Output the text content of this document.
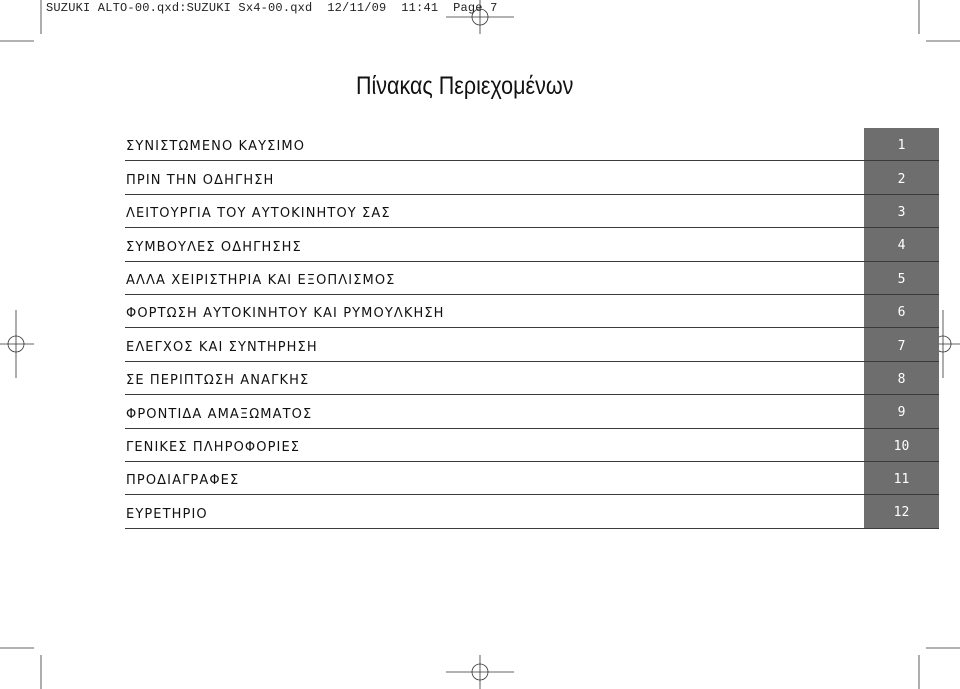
SUZUKI ALTO-00.qxd:SUZUKI Sx4-00.qxd  12/11/09  11:41  Page 7
Πίνακας Περιεχομένων
ΣΥΝΙΣΤΩΜΕΝΟ ΚΑΥΣΙΜΟ	1
ΠΡΙΝ ΤΗΝ ΟΔΗΓΗΣΗ	2
ΛΕΙΤΟΥΡΓΙΑ ΤΟΥ ΑΥΤΟΚΙΝΗΤΟΥ ΣΑΣ	3
ΣΥΜΒΟΥΛΕΣ ΟΔΗΓΗΣΗΣ	4
ΑΛΛΑ ΧΕΙΡΙΣΤΗΡΙΑ ΚΑΙ ΕΞΟΠΛΙΣΜΟΣ	5
ΦΟΡΤΩΣΗ ΑΥΤΟΚΙΝΗΤΟΥ ΚΑΙ ΡΥΜΟΥΛΚΗΣΗ	6
ΕΛΕΓΧΟΣ ΚΑΙ ΣΥΝΤΗΡΗΣΗ	7
ΣΕ ΠΕΡΙΠΤΩΣΗ ΑΝΑΓΚΗΣ	8
ΦΡΟΝΤΙΔΑ ΑΜΑΞΩΜΑΤΟΣ	9
ΓΕΝΙΚΕΣ ΠΛΗΡΟΦΟΡΙΕΣ	10
ΠΡΟΔΙΑΓΡΑΦΕΣ	11
ΕΥΡΕΤΗΡΙΟ	12
